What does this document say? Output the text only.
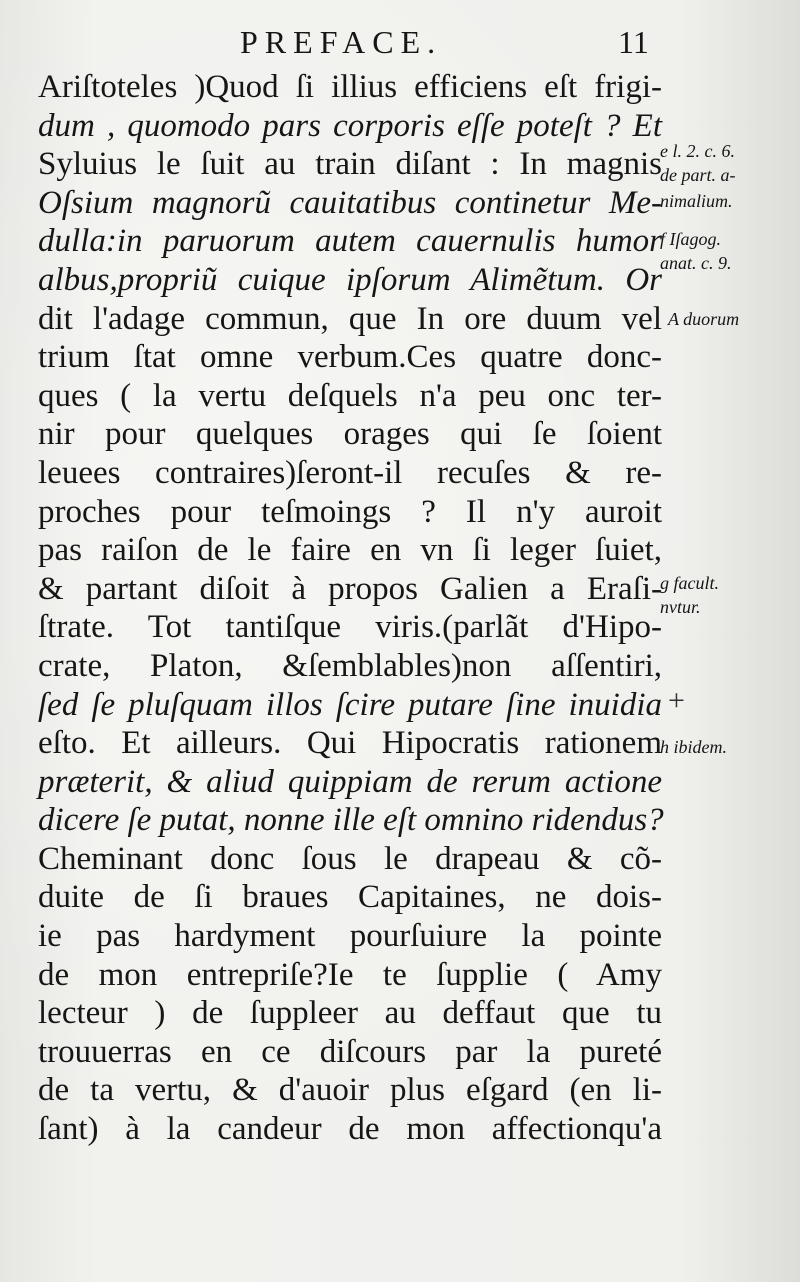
PREFACE.	11
Ariſtoteles )Quod ſi illius efficiens eſt frigi-
dum , quomodo pars corporis eſſe poteſt ? Et
Syluius le ſuit au train diſant : In magnis
Oſsium magnorũ cauitatibus continetur Me-
dulla:in paruorum autem cauernulis humor
albus,propriũ cuique ipſorum Alimẽtum. Or
dit l'adage commun, que In ore duum vel
trium ſtat omne verbum.Ces quatre donc-
ques ( la vertu deſquels n'a peu onc ter-
nir pour quelques orages qui ſe ſoient
leuees contraires)ſeront-il recuſes & re-
proches pour teſmoings ? Il n'y auroit
pas raiſon de le faire en vn ſi leger ſuiet,
& partant diſoit à propos Galien a Eraſi-
ſtrate. Tot tantiſque viris.(parlãt d'Hipo-
crate, Platon, &ſemblables)non aſſentiri,
ſed ſe pluſquam illos ſcire putare ſine inuidia
eſto. Et ailleurs. Qui Hipocratis rationem
præterit, & aliud quippiam de rerum actione
dicere ſe putat, nonne ille eſt omnino ridendus?
Cheminant donc ſous le drapeau & cõ-
duite de ſi braues Capitaines, ne dois-
ie pas hardyment pourſuiure la pointe
de mon entrepriſe?Ie te ſupplie ( Amy
lecteur ) de ſuppleer au deffaut que tu
trouuerras en ce diſcours par la pureté
de ta vertu, & d'auoir plus eſgard (en li-
ſant) à la candeur de mon affectionqu'a
e l. 2. c. 6.
de part. a-
nimalium.
f Iſagog.
anat. c. 9.
A duorum
g facult.
nvtur.
h ibidem.
+
